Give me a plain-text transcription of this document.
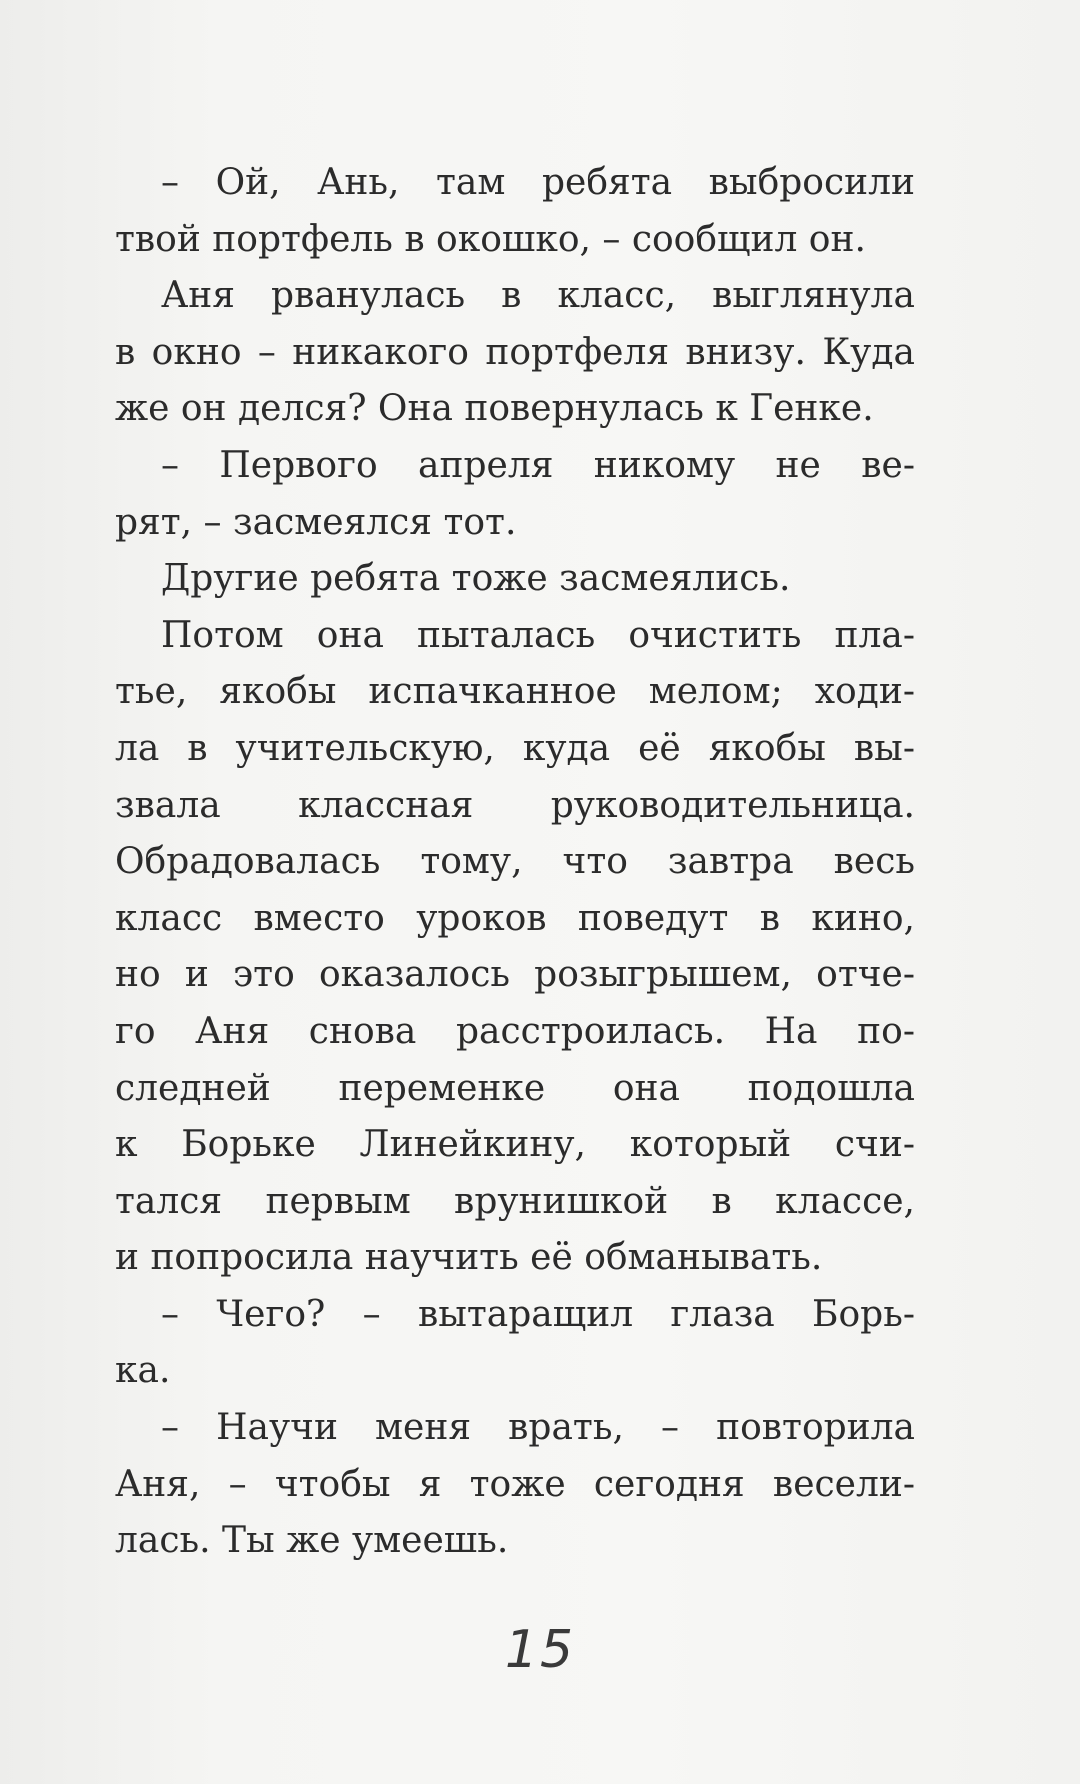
– Ой, Ань, там ребята выбросили
твой портфель в окошко, – сообщил он.
Аня рванулась в класс, выглянула
в окно – никакого портфеля внизу. Куда
же он делся? Она повернулась к Генке.
– Первого апреля никому не ве-
рят, – засмеялся тот.
Другие ребята тоже засмеялись.
Потом она пыталась очистить пла-
тье, якобы испачканное мелом; ходи-
ла в учительскую, куда её якобы вы-
звала классная руководительница.
Обрадовалась тому, что завтра весь
класс вместо уроков поведут в кино,
но и это оказалось розыгрышем, отче-
го Аня снова расстроилась. На по-
следней переменке она подошла
к Борьке Линейкину, который счи-
тался первым врунишкой в классе,
и попросила научить её обманывать.
– Чего? – вытаращил глаза Борь-
ка.
– Научи меня врать, – повторила
Аня, – чтобы я тоже сегодня весели-
лась. Ты же умеешь.
15
